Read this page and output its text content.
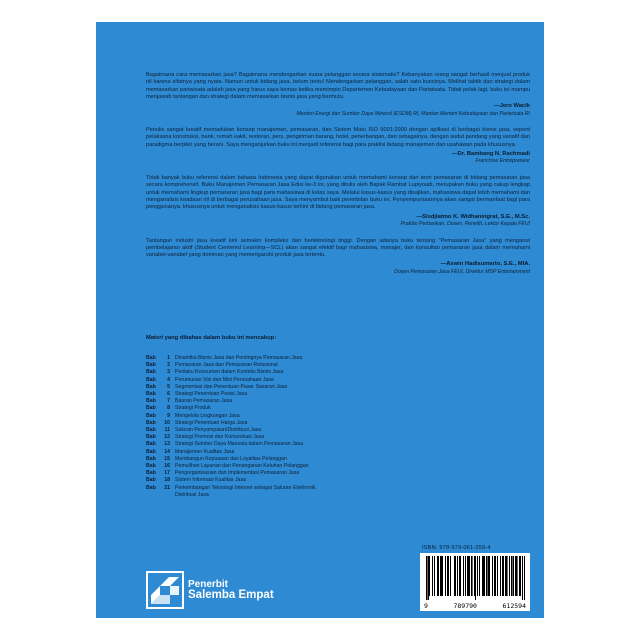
Bagaimana cara memasarkan jasa? Bagaimana mendengarkan suara pelanggan secara sistematis? Kebanyakan orang sangat berhasil menjual produk riil karena sifatnya yang nyata. Namun untuk bidang jasa, belum tentu! Mendengarkan pelanggan, salah satu kuncinya. Melihat taktik dan strategi dalam memasarkan pariwisata adalah jasa yang harus saya kemas ketika memimpin Departemen Kebudayaan dan Pariwisata. Tidak pelak lagi, buku ini mampu menjawab tantangan dan strategi dalam memasarkan bisnis jasa yang bermutu.

—Jero Wacik

Menteri Energi dan Sumber Daya Mineral (ESDM) RI, Mantan Menteri Kebudayaan dan Pariwisata RI

Penulis sangat kreatif memadukan konsep manajemen, pemasaran, dan Sistem Mutu ISO 9001:2000 dengan aplikasi di berbagai bisnis jasa, seperti pelaksana konstruksi, bank, rumah sakit, restoran, pers, pengiriman barang, hotel, penerbangan, dan sebagainya, dengan sudut pandang yang variatif dan paradigma berpikir yang berani. Saya menganjurkan buku ini menjadi referensi bagi para praktisi bidang manajemen dan usahawan pada khususnya.

—Dr. Bambang N. Rachmadi

Franchise Entrepreneur

Tidak banyak buku referensi dalam bahasa Indonesia yang dapat digunakan untuk memahami konsep dan teori pemasaran di bidang pemasaran jasa secara komprehensif. Buku Manajemen Pemasaran Jasa Edisi ke-3 ini, yang ditulis oleh Bapak Rambat Lupiyoadi, merupakan buku yang cukup lengkap untuk memahami lingkup pemasaran jasa bagi para mahasiswa di kelas saya. Melalui kasus-kasus yang disajikan, mahasiswa dapat lebih memahami dan menganalisis keadaan riil di berbagai perusahaan jasa. Saya menyambut baik penerbitan buku ini. Penyempurnaannya akan sangat bermanfaat bagi para penggunanya, khususnya untuk menganalisis kasus-kasus terkini di bidang pemasaran jasa.

—Sisdjiatmo K. Widhaningrat, S.E., M.Sc.

Praktisi Perbankan, Dosen, Peneliti, Lektor Kepala FEUI

Tantangan industri jasa kreatif kini semakin kompleks dan berteknologi tinggi. Dengan adanya buku tentang "Pemasaran Jasa" yang menganut pembelajaran aktif (Student Centered Learning—SCL) akan sangat efektif bagi mahasiswa, manajer, dan konsultan pemasaran jasa dalam memahami variabel-variabel yang dominan yang memengaruhi produk jasa tertentu.

—Aswin Hadisumarto, S.E., MIA.

Dosen Pemasaran Jasa FEUI, Direktur MSP Entertainment

Materi yang dibahas dalam buku ini mencakup:

Bab	1 Dinamika Bisnis Jasa dan Pentingnya Pemasaran Jasa
Bab	2 Pemasaran Jasa dan Pemasaran Relasional
Bab	3 Perilaku Konsumen dalam Konteks Bisnis Jasa
Bab	4 Perumusan Visi dan Misi Perusahaan Jasa
Bab	5 Segmentasi dan Penentuan Pasar Sasaran Jasa
Bab	6 Strategi Penentuan Posisi Jasa
Bab	7 Bauran Pemasaran Jasa
Bab	8 Strategi Produk
Bab	9 Mengelola Lingkungan Jasa
Bab	10 Strategi Penentuan Harga Jasa
Bab	11 Saluran Penyampaian/Distribusi Jasa
Bab	12 Strategi Promosi dan Komunikasi Jasa
Bab	13 Strategi Sumber Daya Manusia dalam Pemasaran Jasa
Bab	14 Manajemen Kualitas Jasa
Bab	15 Membangun Kepuasan dan Loyalitas Pelanggan
Bab	16 Pemulihan Layanan dan Penanganan Keluhan Pelanggan
Bab	17 Pengorganisasian dan Implementasi Pemasaran Jasa
Bab	18 Sistem Informasi Kualitas Jasa
Bab	21 Perkembangan Teknologi Internet sebagai Saluran Elektronik
Distribusi Jasa
Penerbit
Salemba Empat
ISBN: 978-979-061-259-4
9	789790	612594
